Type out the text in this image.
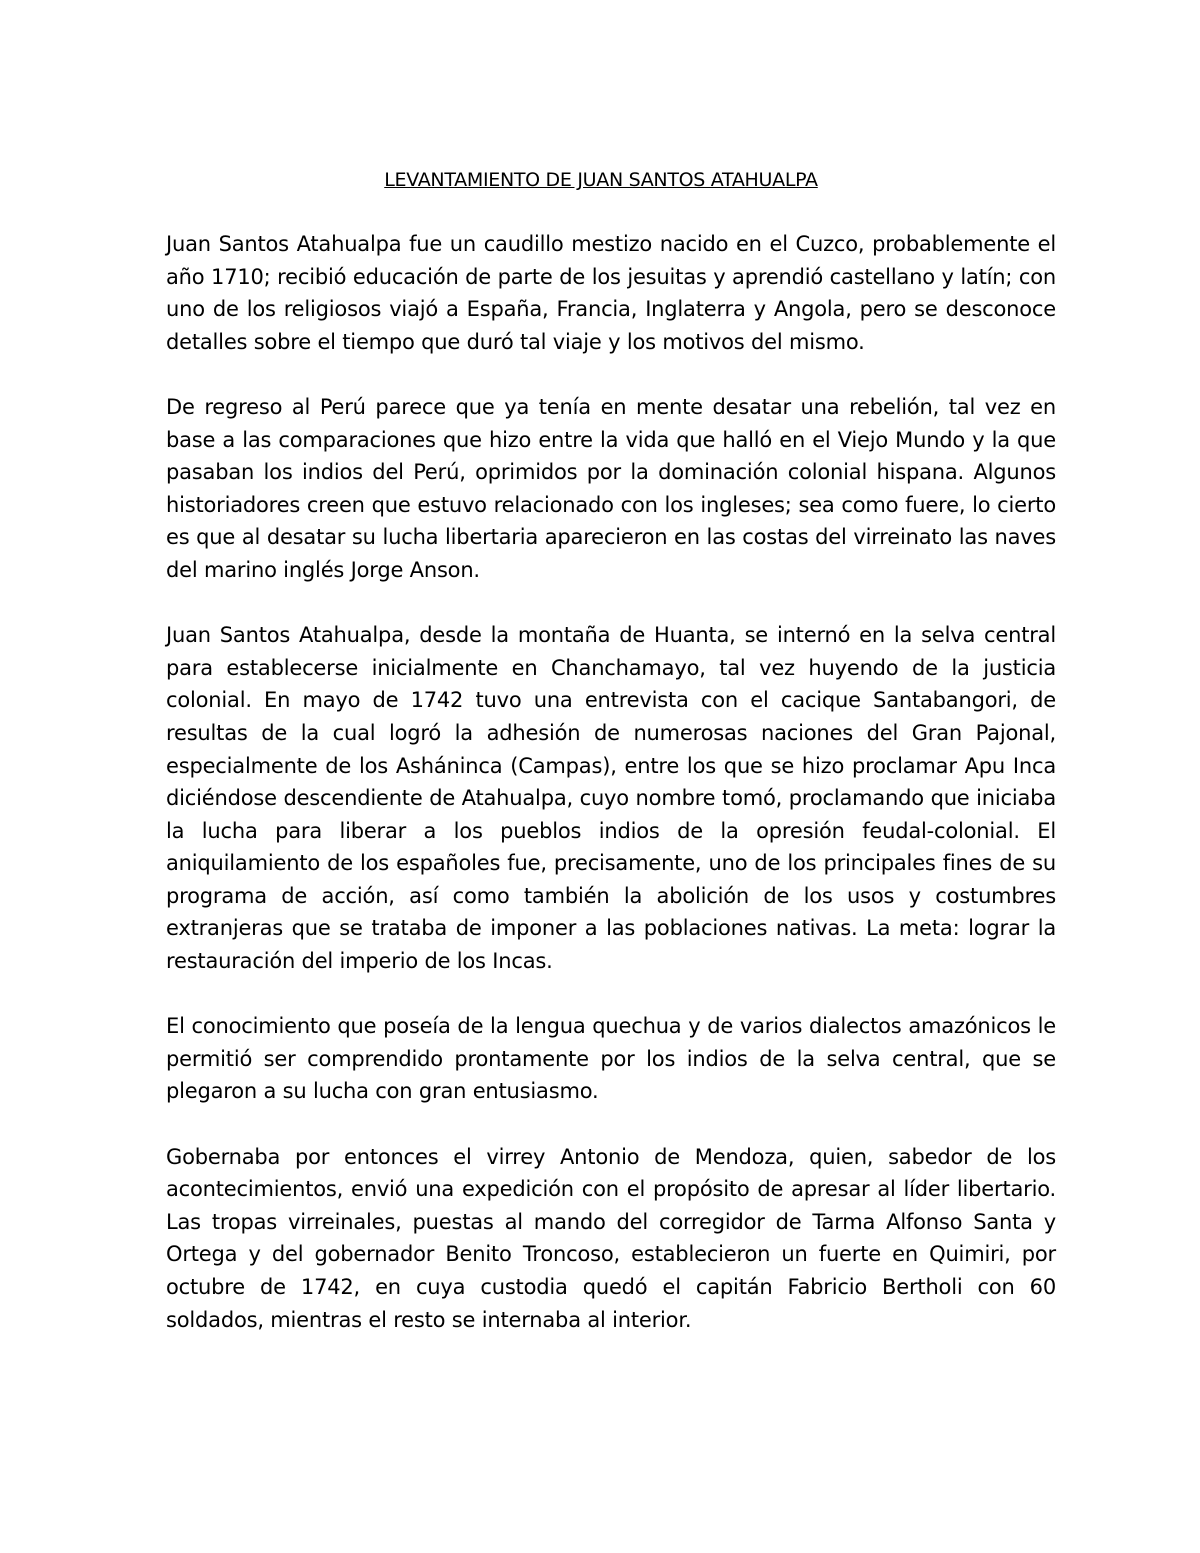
LEVANTAMIENTO DE JUAN SANTOS ATAHUALPA

Juan Santos Atahualpa fue un caudillo mestizo nacido en el Cuzco, probablemente el año 1710; recibió educación de parte de los jesuitas y aprendió castellano y latín; con uno de los religiosos viajó a España, Francia, Inglaterra y Angola, pero se desconoce detalles sobre el tiempo que duró tal viaje y los motivos del mismo.

De regreso al Perú parece que ya tenía en mente desatar una rebelión, tal vez en base a las comparaciones que hizo entre la vida que halló en el Viejo Mundo y la que pasaban los indios del Perú, oprimidos por la dominación colonial hispana. Algunos historiadores creen que estuvo relacionado con los ingleses; sea como fuere, lo cierto es que al desatar su lucha libertaria aparecieron en las costas del virreinato las naves del marino inglés Jorge Anson.

Juan Santos Atahualpa, desde la montaña de Huanta, se internó en la selva central para establecerse inicialmente en Chanchamayo, tal vez huyendo de la justicia colonial. En mayo de 1742 tuvo una entrevista con el cacique Santabangori, de resultas de la cual logró la adhesión de numerosas naciones del Gran Pajonal, especialmente de los Asháninca (Campas), entre los que se hizo proclamar Apu Inca diciéndose descendiente de Atahualpa, cuyo nombre tomó, proclamando que iniciaba la lucha para liberar a los pueblos indios de la opresión feudal-colonial. El aniquilamiento de los españoles fue, precisamente, uno de los principales fines de su programa de acción, así como también la abolición de los usos y costumbres extranjeras que se trataba de imponer a las poblaciones nativas. La meta: lograr la restauración del imperio de los Incas.

El conocimiento que poseía de la lengua quechua y de varios dialectos amazónicos le permitió ser comprendido prontamente por los indios de la selva central, que se plegaron a su lucha con gran entusiasmo.

Gobernaba por entonces el virrey Antonio de Mendoza, quien, sabedor de los acontecimientos, envió una expedición con el propósito de apresar al líder libertario. Las tropas virreinales, puestas al mando del corregidor de Tarma Alfonso Santa y Ortega y del gobernador Benito Troncoso, establecieron un fuerte en Quimiri, por octubre de 1742, en cuya custodia quedó el capitán Fabricio Bertholi con 60 soldados, mientras el resto se internaba al interior.
